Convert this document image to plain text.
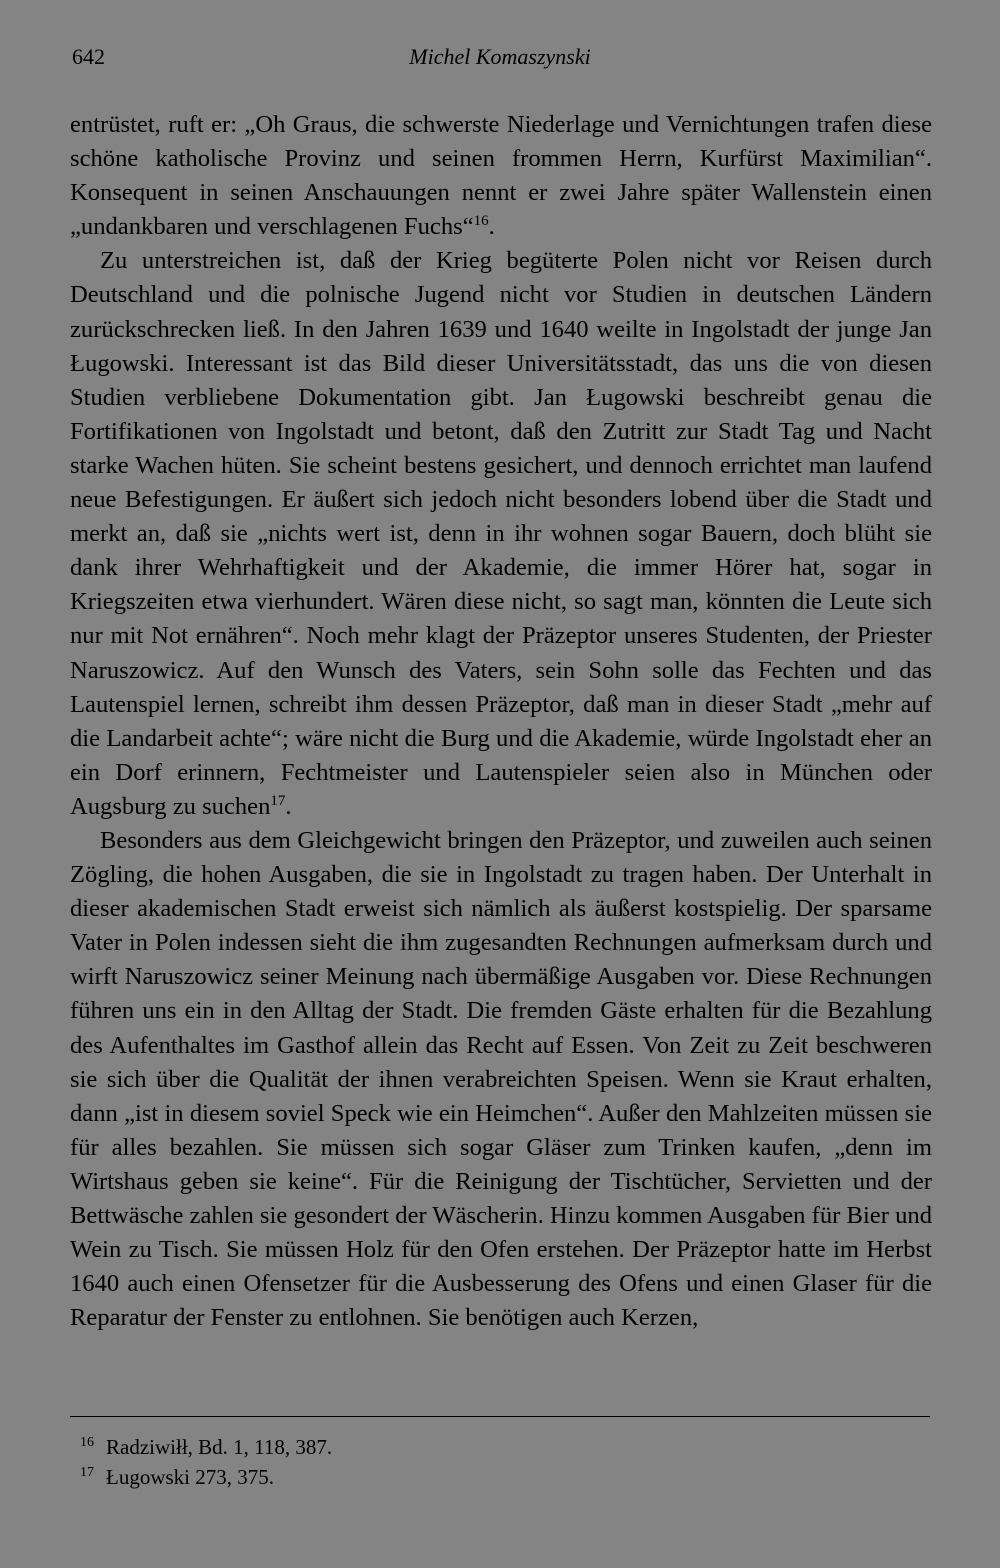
642	Michel Komaszynski

entrüstet, ruft er: „Oh Graus, die schwerste Niederlage und Vernichtungen trafen diese schöne katholische Provinz und seinen frommen Herrn, Kurfürst Maximilian“. Konsequent in seinen Anschauungen nennt er zwei Jahre später Wallenstein einen „undankbaren und verschlagenen Fuchs“$^{16}$.

Zu unterstreichen ist, daß der Krieg begüterte Polen nicht vor Reisen durch Deutschland und die polnische Jugend nicht vor Studien in deutschen Ländern zurückschrecken ließ. In den Jahren 1639 und 1640 weilte in Ingolstadt der junge Jan Ługowski. Interessant ist das Bild dieser Universitätsstadt, das uns die von diesen Studien verbliebene Dokumentation gibt. Jan Ługowski beschreibt genau die Fortifikationen von Ingolstadt und betont, daß den Zutritt zur Stadt Tag und Nacht starke Wachen hüten. Sie scheint bestens gesichert, und dennoch errichtet man laufend neue Befestigungen. Er äußert sich jedoch nicht besonders lobend über die Stadt und merkt an, daß sie „nichts wert ist, denn in ihr wohnen sogar Bauern, doch blüht sie dank ihrer Wehrhaftigkeit und der Akademie, die immer Hörer hat, sogar in Kriegszeiten etwa vierhundert. Wären diese nicht, so sagt man, könnten die Leute sich nur mit Not ernähren“. Noch mehr klagt der Präzeptor unseres Studenten, der Priester Naruszowicz. Auf den Wunsch des Vaters, sein Sohn solle das Fechten und das Lautenspiel lernen, schreibt ihm dessen Präzeptor, daß man in dieser Stadt „mehr auf die Landarbeit achte“; wäre nicht die Burg und die Akademie, würde Ingolstadt eher an ein Dorf erinnern, Fechtmeister und Lautenspieler seien also in München oder Augsburg zu suchen$^{17}$.

Besonders aus dem Gleichgewicht bringen den Präzeptor, und zuweilen auch seinen Zögling, die hohen Ausgaben, die sie in Ingolstadt zu tragen haben. Der Unterhalt in dieser akademischen Stadt erweist sich nämlich als äußerst kostspielig. Der sparsame Vater in Polen indessen sieht die ihm zugesandten Rechnungen aufmerksam durch und wirft Naruszowicz seiner Meinung nach übermäßige Ausgaben vor. Diese Rechnungen führen uns ein in den Alltag der Stadt. Die fremden Gäste erhalten für die Bezahlung des Aufenthaltes im Gasthof allein das Recht auf Essen. Von Zeit zu Zeit beschweren sie sich über die Qualität der ihnen verabreichten Speisen. Wenn sie Kraut erhalten, dann „ist in diesem soviel Speck wie ein Heimchen“. Außer den Mahlzeiten müssen sie für alles bezahlen. Sie müssen sich sogar Gläser zum Trinken kaufen, „denn im Wirtshaus geben sie keine“. Für die Reinigung der Tischtücher, Servietten und der Bettwäsche zahlen sie gesondert der Wäscherin. Hinzu kommen Ausgaben für Bier und Wein zu Tisch. Sie müssen Holz für den Ofen erstehen. Der Präzeptor hatte im Herbst 1640 auch einen Ofensetzer für die Ausbesserung des Ofens und einen Glaser für die Reparatur der Fenster zu entlohnen. Sie benötigen auch Kerzen,

16 Radziwiłł, Bd. 1, 118, 387.
17 Ługowski 273, 375.
